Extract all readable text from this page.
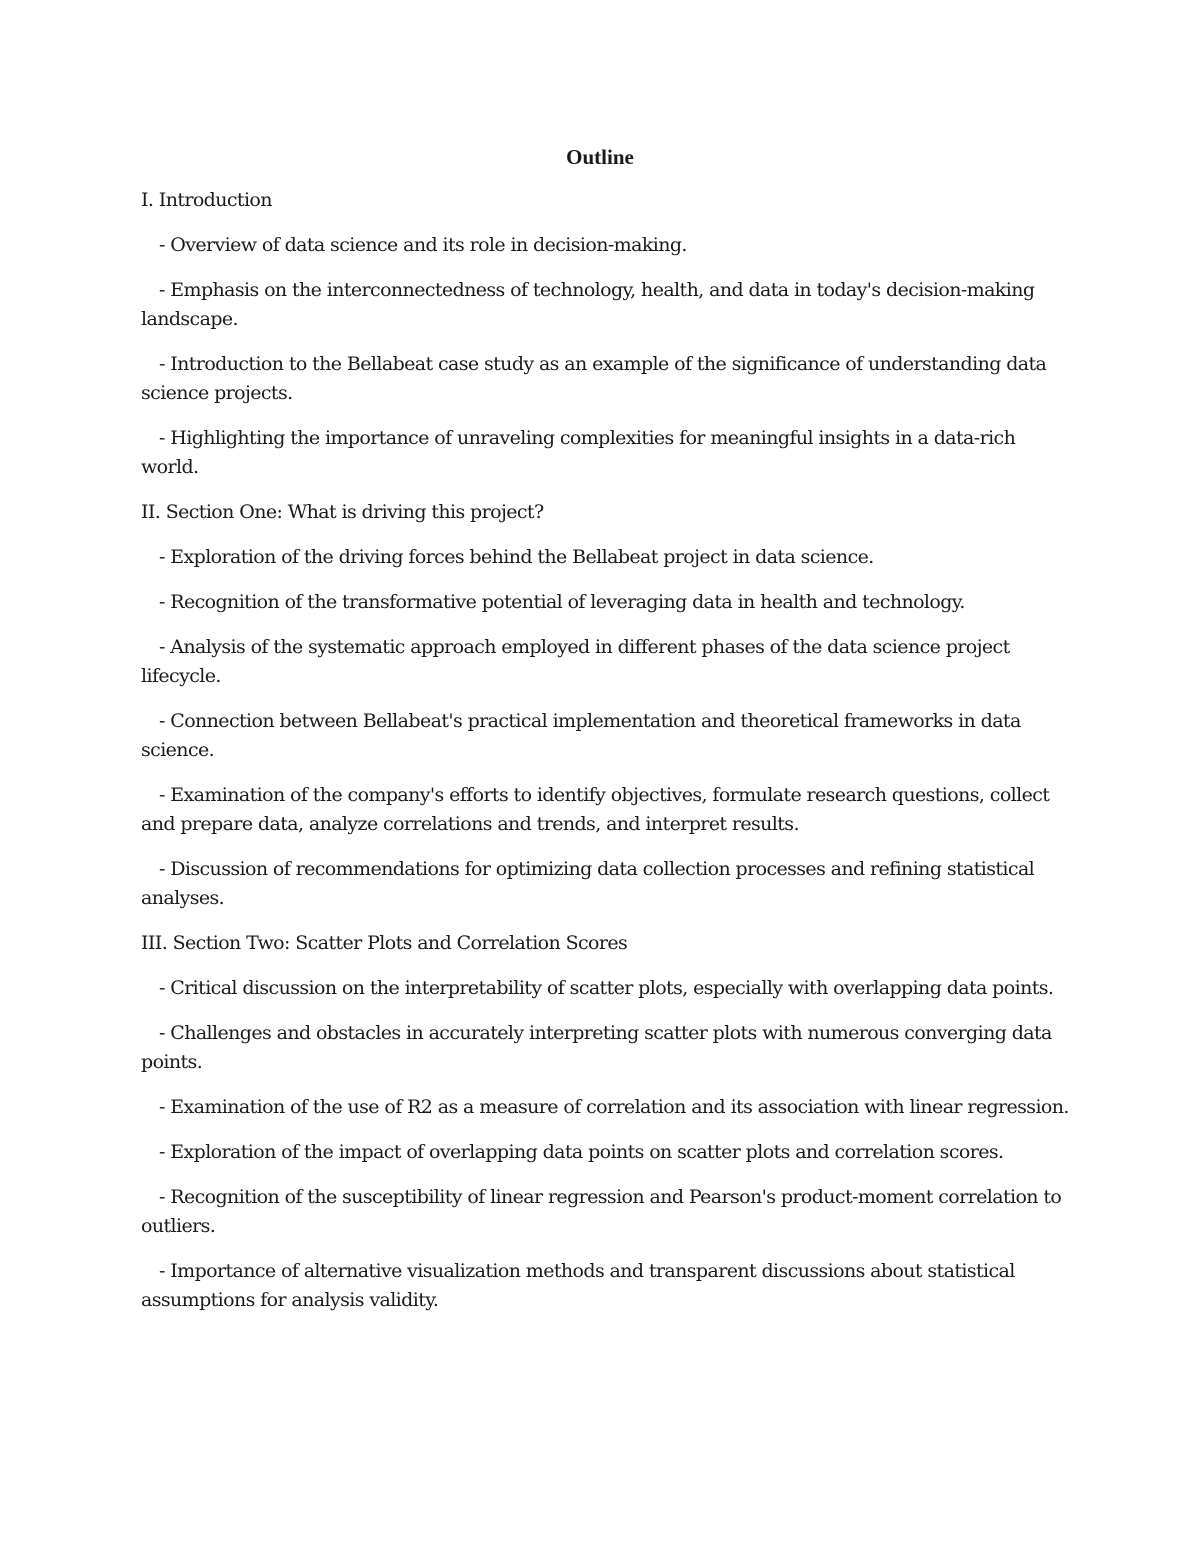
Outline

I. Introduction

- Overview of data science and its role in decision-making.

- Emphasis on the interconnectedness of technology, health, and data in today's decision-making landscape.

- Introduction to the Bellabeat case study as an example of the significance of understanding data science projects.

- Highlighting the importance of unraveling complexities for meaningful insights in a data-rich world.

II. Section One: What is driving this project?

- Exploration of the driving forces behind the Bellabeat project in data science.

- Recognition of the transformative potential of leveraging data in health and technology.

- Analysis of the systematic approach employed in different phases of the data science project lifecycle.

- Connection between Bellabeat's practical implementation and theoretical frameworks in data science.

- Examination of the company's efforts to identify objectives, formulate research questions, collect and prepare data, analyze correlations and trends, and interpret results.

- Discussion of recommendations for optimizing data collection processes and refining statistical analyses.

III. Section Two: Scatter Plots and Correlation Scores

- Critical discussion on the interpretability of scatter plots, especially with overlapping data points.

- Challenges and obstacles in accurately interpreting scatter plots with numerous converging data points.

- Examination of the use of R2 as a measure of correlation and its association with linear regression.

- Exploration of the impact of overlapping data points on scatter plots and correlation scores.

- Recognition of the susceptibility of linear regression and Pearson's product-moment correlation to outliers.

- Importance of alternative visualization methods and transparent discussions about statistical assumptions for analysis validity.
